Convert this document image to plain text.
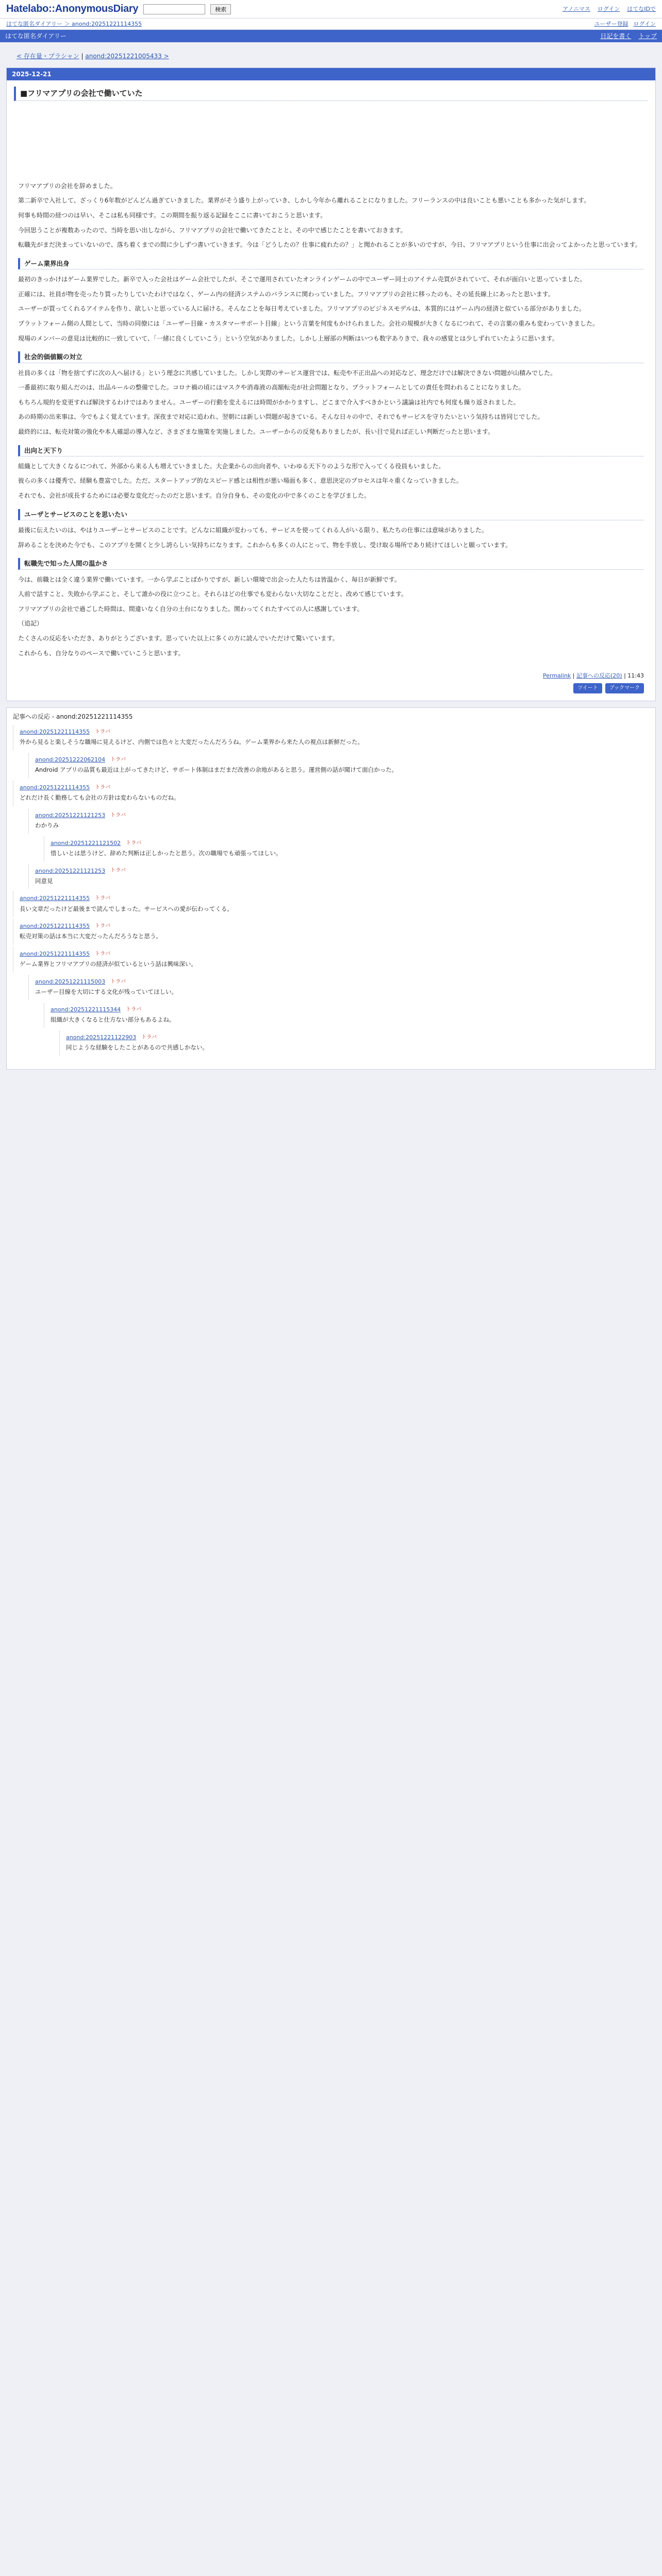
Hatelabo::AnonymousDiary	検索	アノニマス ログイン はてなIDで
はてな匿名ダイアリー ＞ anond:20251221114355	ユーザー登録 ログイン
はてな匿名ダイアリー	日記を書く トップ
< 存在量・プラシャン | anond:20251221005433 >
2025-12-21
■フリマアプリの会社で働いていた

フリマアプリの会社を辞めました。

第二新卒で入社して、ざっくり6年数がどんどん過ぎていきました。業界がそう盛り上がっていき、しかし今年から離れることになりました。フリーランスの中は良いことも悪いことも多かった気がします。

何事も時間の経つのは早い、そこは私も同様です。この期間を振り返る記録をここに書いておこうと思います。

今回思うことが複数あったので、当時を思い出しながら、フリマアプリの会社で働いてきたことと、その中で感じたことを書いておきます。

転職先がまだ決まっていないので、落ち着くまでの間に少しずつ書いていきます。今は「どうしたの？仕事に疲れたの？」と聞かれることが多いのですが、今日、フリマアプリという仕事に出会ってよかったと思っています。

ゲーム業界出身

最初のきっかけはゲーム業界でした。新卒で入った会社はゲーム会社でしたが、そこで運用されていたオンラインゲームの中でユーザー同士のアイテム売買がされていて、それが面白いと思っていました。

正確には、社員が物を売ったり買ったりしていたわけではなく、ゲーム内の経済システムのバランスに関わっていました。フリマアプリの会社に移ったのも、その延長線上にあったと思います。

ユーザーが買ってくれるアイテムを作り、欲しいと思っている人に届ける。そんなことを毎日考えていました。フリマアプリのビジネスモデルは、本質的にはゲーム内の経済と似ている部分がありました。

プラットフォーム側の人間として、当時の同僚には「ユーザー目線・カスタマーサポート目線」という言葉を何度もかけられました。会社の規模が大きくなるにつれて、その言葉の重みも変わっていきました。

現場のメンバーの意見は比較的に一致していて、「一緒に良くしていこう」という空気がありました。しかし上層部の判断はいつも数字ありきで、我々の感覚とは少しずれていたように思います。

社会的価値観の対立

社員の多くは「物を捨てずに次の人へ届ける」という理念に共感していました。しかし実際のサービス運営では、転売や不正出品への対応など、理念だけでは解決できない問題が山積みでした。

一番最初に取り組んだのは、出品ルールの整備でした。コロナ禍の頃にはマスクや消毒液の高額転売が社会問題となり、プラットフォームとしての責任を問われることになりました。

もちろん規約を変更すれば解決するわけではありません。ユーザーの行動を変えるには時間がかかりますし、どこまで介入すべきかという議論は社内でも何度も繰り返されました。

あの時期の出来事は、今でもよく覚えています。深夜まで対応に追われ、翌朝には新しい問題が起きている。そんな日々の中で、それでもサービスを守りたいという気持ちは皆同じでした。

最終的には、転売対策の強化や本人確認の導入など、さまざまな施策を実施しました。ユーザーからの反発もありましたが、長い目で見れば正しい判断だったと思います。

出向と天下り

組織として大きくなるにつれて、外部から来る人も増えていきました。大企業からの出向者や、いわゆる天下りのような形で入ってくる役員もいました。

彼らの多くは優秀で、経験も豊富でした。ただ、スタートアップ的なスピード感とは相性が悪い場面も多く、意思決定のプロセスは年々重くなっていきました。

それでも、会社が成長するためには必要な変化だったのだと思います。自分自身も、その変化の中で多くのことを学びました。

ユーザとサービスのことを思いたい

最後に伝えたいのは、やはりユーザーとサービスのことです。どんなに組織が変わっても、サービスを使ってくれる人がいる限り、私たちの仕事には意味がありました。

辞めることを決めた今でも、このアプリを開くと少し誇らしい気持ちになります。これからも多くの人にとって、物を手放し、受け取る場所であり続けてほしいと願っています。

転職先で知った人間の温かさ

今は、前職とは全く違う業界で働いています。一から学ぶことばかりですが、新しい環境で出会った人たちは皆温かく、毎日が新鮮です。

人前で話すこと、失敗から学ぶこと、そして誰かの役に立つこと。それらはどの仕事でも変わらない大切なことだと、改めて感じています。

フリマアプリの会社で過ごした時間は、間違いなく自分の土台になりました。関わってくれたすべての人に感謝しています。

（追記）

たくさんの反応をいただき、ありがとうございます。思っていた以上に多くの方に読んでいただけて驚いています。

これからも、自分なりのペースで働いていこうと思います。

Permalink | 記事への反応(20) | 11:43
ツイート	ブックマーク
記事への反応 - anond:20251221114355
anond:20251221114355 トラバ
外から見ると楽しそうな職場に見えるけど、内側では色々と大変だったんだろうね。ゲーム業界から来た人の視点は新鮮だった。
anond:20251222062104 トラバ
Android アプリの品質も最近は上がってきたけど、サポート体制はまだまだ改善の余地があると思う。運営側の話が聞けて面白かった。
anond:20251221114355 トラバ
どれだけ長く勤務しても会社の方針は変わらないものだね。
anond:20251221121253 トラバ
わかりみ
anond:20251221121502 トラバ
惜しいとは思うけど、辞めた判断は正しかったと思う。次の職場でも頑張ってほしい。
anond:20251221121253 トラバ
同意見
anond:20251221114355 トラバ
長い文章だったけど最後まで読んでしまった。サービスへの愛が伝わってくる。
anond:20251221114355 トラバ
転売対策の話は本当に大変だったんだろうなと思う。
anond:20251221114355 トラバ
ゲーム業界とフリマアプリの経済が似ているという話は興味深い。
anond:20251221115003 トラバ
ユーザー目線を大切にする文化が残っていてほしい。
anond:20251221115344 トラバ
組織が大きくなると仕方ない部分もあるよね。
anond:20251221122903 トラバ
同じような経験をしたことがあるので共感しかない。
